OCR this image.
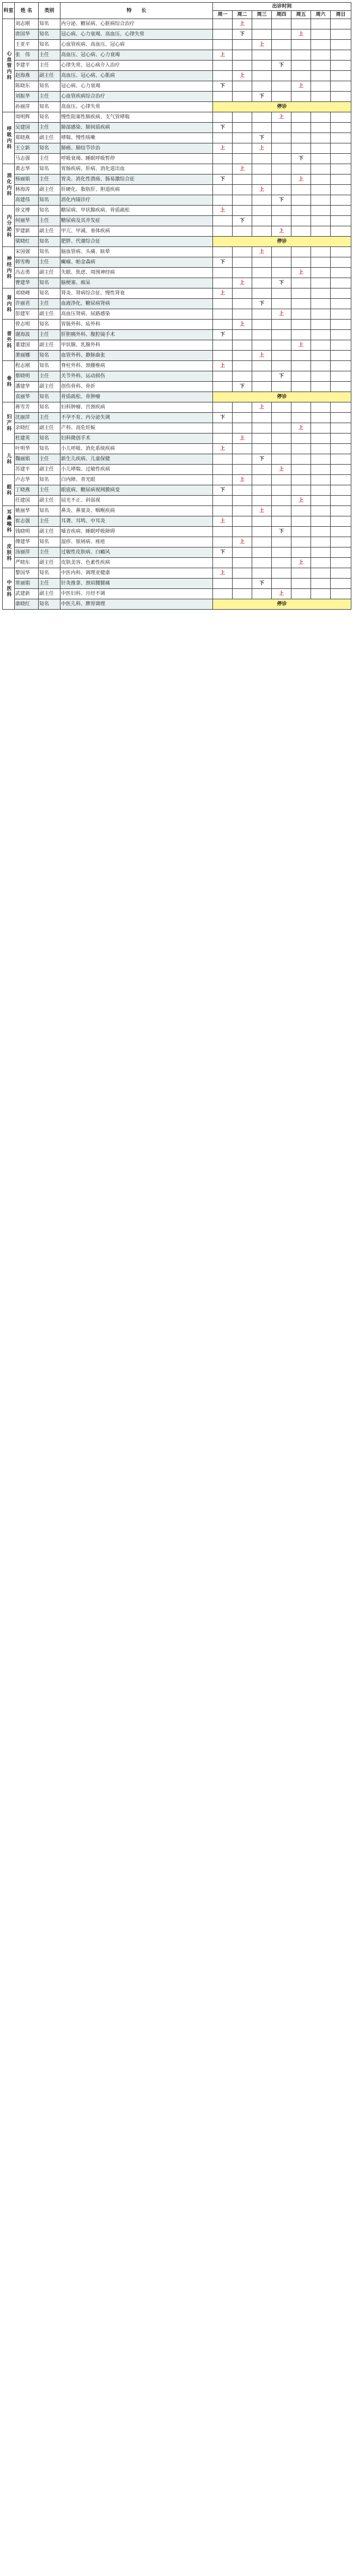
科室	姓 名	类别	特　　长	出诊时间						
				周一	周二	周三	周四	周五	周六	周日
心血管内科	刘志刚	知名	内分泌、糖尿病、心脏病综合治疗		上					
	唐国华	知名	冠心病、心力衰竭、高血压、心律失常		下			上		
	王亚平	知名	心血管疾病、高血压、冠心病			上				
	张　伟	主任	高血压、冠心病、心力衰竭	上						
	李建平	主任	心律失常、冠心病介入治疗				下			
	赵海燕	副主任	高血压、冠心病、心肌病		上					
	陈晓东	知名	冠心病、心力衰竭	下				上		
	刘振华	主任	心血管疾病综合治疗			下				
	孙丽萍	知名	高血压、心律失常	停诊						
呼吸内科	周明辉	知名	慢性阻塞性肺疾病、支气管哮喘				上			
	吴建国	主任	肺部感染、肺间质疾病	下						
	郑晓燕	副主任	哮喘、慢性咳嗽			下				
	王立新	知名	肺癌、肺结节诊治	上		上				
	马志强	主任	呼吸衰竭、睡眠呼吸暂停					下		
消化内科	黄志华	知名	胃肠疾病、肝病、消化道出血		上					
	杨丽娟	主任	胃炎、消化性溃疡、肠易激综合征	下				上		
	林海涛	副主任	肝硬化、脂肪肝、胆道疾病			上				
	高建伟	知名	消化内镜诊疗				下			
内分泌科	徐文博	知名	糖尿病、甲状腺疾病、骨质疏松	上						
	何丽华	主任	糖尿病及其并发症		下					
	罗建新	副主任	甲亢、甲减、垂体疾病				上			
	梁晓红	知名	肥胖、代谢综合征	停诊						
神经内科	宋国强	知名	脑血管病、头痛、眩晕			上				
	韩雪梅	主任	癫痫、帕金森病	下						
	冯志勇	副主任	失眠、焦虑、周围神经病					上		
	曹建华	知名	脑梗塞、痴呆		上		下			
肾内科	邓晓峰	知名	肾炎、肾病综合征、慢性肾衰	上						
	许丽君	主任	血液净化、糖尿病肾病			下				
	彭建军	副主任	高血压肾病、尿路感染				上			
普外科	曾志明	知名	胃肠外科、疝外科		上					
	谢海波	主任	肝胆胰外科、腹腔镜手术	下						
	董建国	副主任	甲状腺、乳腺外科					上		
	萧丽娜	知名	血管外科、静脉曲张			上				
骨科	程志刚	知名	脊柱外科、颈腰椎病	上						
	蔡晓明	主任	关节外科、运动损伤				下			
	潘建华	副主任	创伤骨科、骨折		下					
	袁丽华	知名	骨质疏松、骨肿瘤	停诊						
妇产科	蒋雪芳	知名	妇科肿瘤、宫颈疾病			上				
	沈丽萍	主任	不孕不育、内分泌失调	下						
	余晓红	副主任	产科、高危妊娠					上		
	杜建英	知名	妇科微创手术		上					
儿科	叶明华	知名	小儿呼吸、消化系统疾病	上						
	魏丽娟	主任	新生儿疾病、儿童保健			下				
	苏建平	副主任	小儿哮喘、过敏性疾病				上			
眼科	卢志华	知名	白内障、青光眼		上					
	丁晓燕	主任	眼底病、糖尿病视网膜病变	下						
	任建国	副主任	屈光不正、斜弱视					上		
耳鼻喉科	姚丽华	知名	鼻炎、鼻窦炎、咽喉疾病			上				
	崔志强	主任	耳聋、耳鸣、中耳炎	上						
	钱晓明	副主任	嗓音疾病、睡眠呼吸障碍				下			
皮肤科	傅建华	知名	湿疹、银屑病、痤疮		上					
	汤丽萍	主任	过敏性皮肤病、白癜风	下						
	严晓东	副主任	皮肤美容、色素性疾病					上		
中医科	黎国华	知名	中医内科、调理亚健康	上						
	常丽娟	主任	针灸推拿、颈肩腰腿痛			下				
	武建新	副主任	中医妇科、月经不调				上			
	康晓红	知名	中医儿科、脾胃调理	停诊						
